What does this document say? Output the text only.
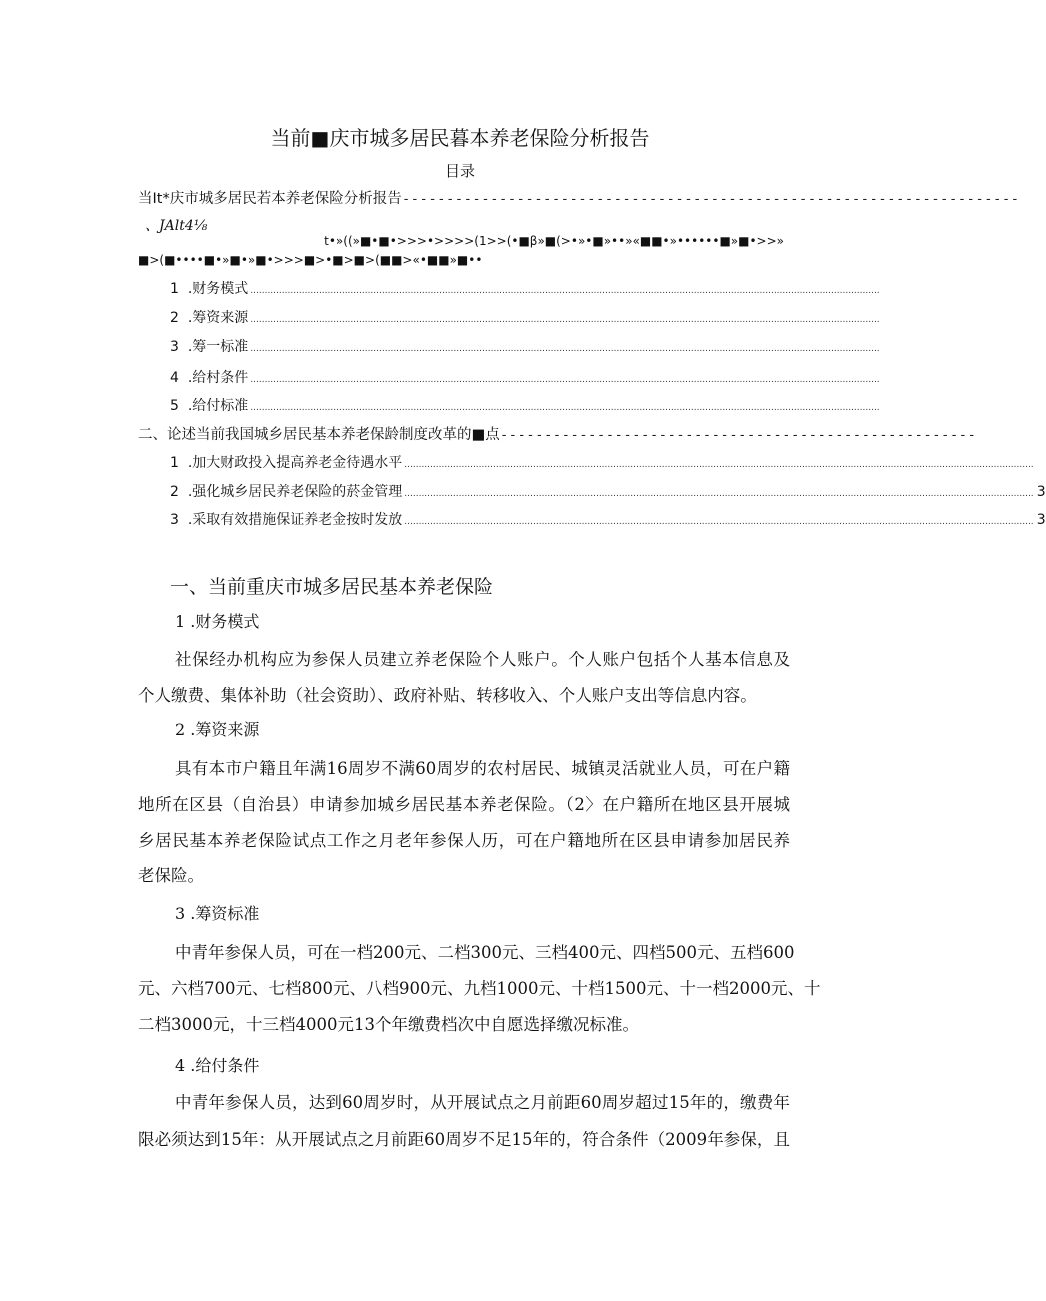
当前■庆市城多居民暮本养老保险分析报告
目录
当It*庆市城多居民若本养老保险分析报告 - - - - - - - - - - - - - - - - - - - - - - - - - - - - - - - - - - - - - - - - - - - - - - - - - - - - - - - - - - - - - - - - - - - - - -
、JAlt4⅛
t•»((»■•■•>>>•>>>>(1>>(•■β»■(>•»•■»••»«■■•»••••••■»■•>>»
■>(■••••■•»■•»■•>>>■>•■>■>(■■>«•■■»■••
1
.财务模式 ............................................................................................................................................................................................................................
2
.筹资来源 ............................................................................................................................................................................................................................
3
.筹一标准 ............................................................................................................................................................................................................................
4
.给村条件 ............................................................................................................................................................................................................................
5
.给付标准 ............................................................................................................................................................................................................................
二、论述当前我国城乡居民基本养老保龄制度改革的■点 - - - - - - - - - - - - - - - - - - - - - - - - - - - - - - - - - - - - - - - - - - - - - - - - - - - - - -
1
.加大财政投入提高养老金待遇水平 ............................................................................................................................................................................................................................
2
.强化城乡居民养老保险的菸金管理 ............................................................................................................................................................................................................................ 3
3
.采取有效措施保证养老金按时发放 ............................................................................................................................................................................................................................ 3
一、当前重庆市城多居民基本养老保险
1 .财务模式
社保经办机构应为参保人员建立养老保险个人账户。个人账户包括个人基本信息及
个人缴费、集体补助（社会资助）、政府补贴、转移收入、个人账户支出等信息内容。
2 .筹资来源
具有本市户籍且年满16周岁不满60周岁的农村居民、城镇灵活就业人员，可在户籍
地所在区县（自治县）申请参加城乡居民基本养老保险。（2〉在户籍所在地区县开展城
乡居民基本养老保险试点工作之月老年参保人历，可在户籍地所在区县申请参加居民养
老保险。
3 .筹资标准
中青年参保人员，可在一档200元、二档300元、三档400元、四档500元、五档600
元、六档700元、七档800元、八档900元、九档1000元、十档1500元、十一档2000元、十
二档3000元，十三档4000元13个年缴费档次中自愿选择缴况标准。
4 .给付条件
中青年参保人员，达到60周岁时，从开展试点之月前距60周岁超过15年的，缴费年
限必须达到15年：从开展试点之月前距60周岁不足15年的，符合条件（2009年参保，且
